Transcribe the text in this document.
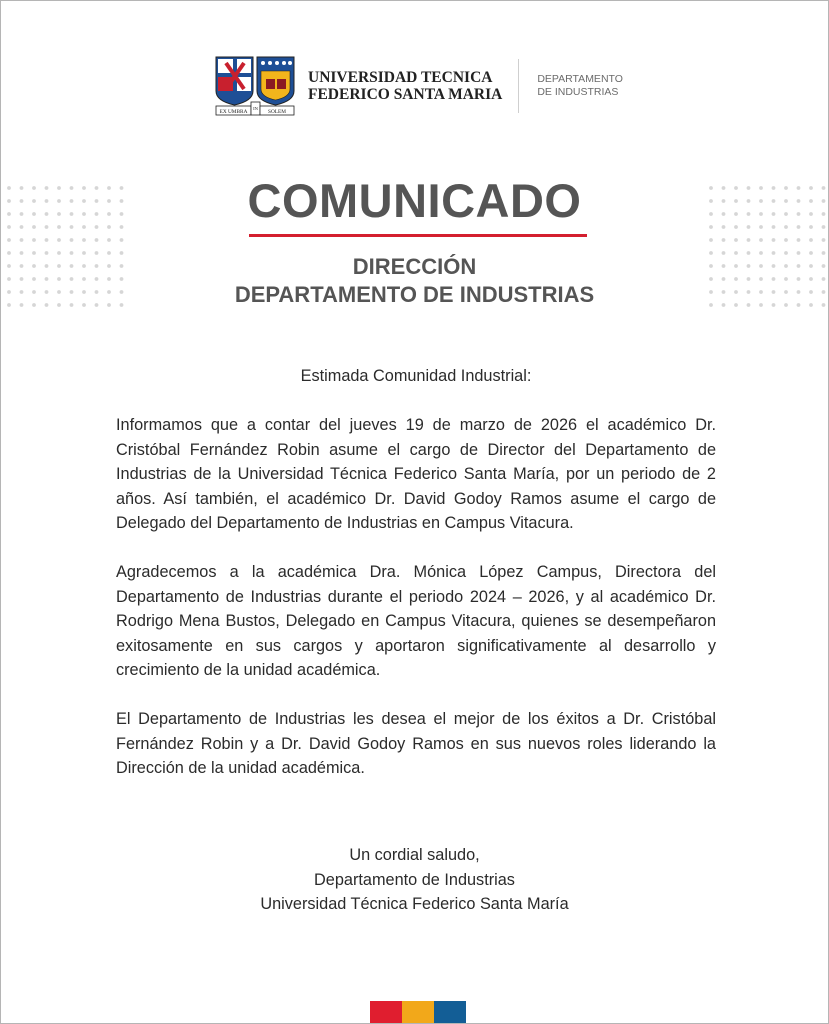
EX UMBRA
IN
SOLEM
UNIVERSIDAD TECNICA
FEDERICO SANTA MARIA
DEPARTAMENTO
DE INDUSTRIAS
COMUNICADO
DIRECCIÓN
DEPARTAMENTO DE INDUSTRIAS

Estimada Comunidad Industrial:

Informamos que a contar del jueves 19 de marzo de 2026 el académico Dr. Cristóbal Fernández Robin asume el cargo de Director del Departamento de Industrias de la Universidad Técnica Federico Santa María, por un periodo de 2 años. Así también, el académico Dr. David Godoy Ramos asume el cargo de Delegado del Departamento de Industrias en Campus Vitacura.

Agradecemos a la académica Dra. Mónica López Campus, Directora del Departamento de Industrias durante el periodo 2024 – 2026, y al académico Dr. Rodrigo Mena Bustos, Delegado en Campus Vitacura, quienes se desempeñaron exitosamente en sus cargos y aportaron significativamente al desarrollo y crecimiento de la unidad académica.

El Departamento de Industrias les desea el mejor de los éxitos a Dr. Cristóbal Fernández Robin y a Dr. David Godoy Ramos en sus nuevos roles liderando la Dirección de la unidad académica.

Un cordial saludo,
Departamento de Industrias
Universidad Técnica Federico Santa María
